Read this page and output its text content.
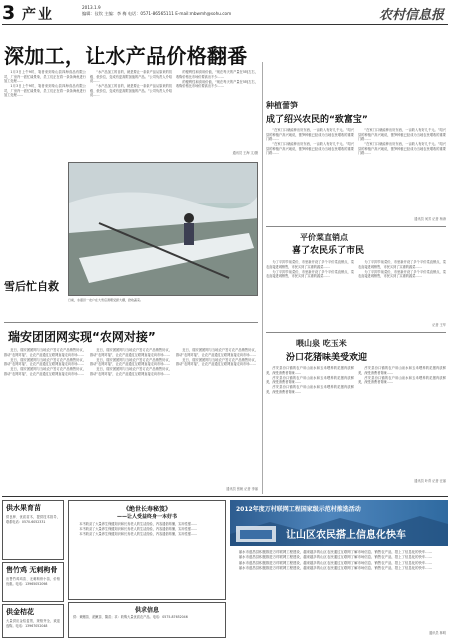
3 产业	2013.1.9
编辑：仪钦 主编：李 梅 电话：0571-86565111 E-mail:mbwmh@sohu.com	农村信息报
深加工，让水产品价格翻番

1月3日上午9时，笔者来到象山县四海食品有限公司，厂房内一派忙碌景象，员工们正在将一条条海鱼进行加工处理……

1月3日上午9时，笔者来到象山县四海食品有限公司，厂房内一派忙碌景象，员工们正在将一条条海鱼进行加工处理……

“水产品加工的目的，就是要让一条条产品从原来的初级、低价位，变成有更高附加值的产品。”公司负责人介绍说……

“水产品加工的目的，就是要让一条条产品从原来的初级、低价位，变成有更高附加值的产品。”公司负责人介绍说……

的便利性和食用价值，“现在每天的产量在5吨左右，收购价格比市场价要高出不少……

的便利性和食用价值，“现在每天的产量在5吨左右，收购价格比市场价要高出不少……

通讯员 王海 文/摄
雪后忙自救
日前，永嘉县一农户在大雪后清理受损大棚，抢收蔬菜。
瑞安团团网实现“农网对接”

近日，瑞安团团网与当地农户签订农产品销售协议，推动“农网对接”，让农产品通过互联网直接走向市场……

近日，瑞安团团网与当地农户签订农产品销售协议，推动“农网对接”，让农产品通过互联网直接走向市场……

近日，瑞安团团网与当地农户签订农产品销售协议，推动“农网对接”，让农产品通过互联网直接走向市场……

近日，瑞安团团网与当地农户签订农产品销售协议，推动“农网对接”，让农产品通过互联网直接走向市场……

近日，瑞安团团网与当地农户签订农产品销售协议，推动“农网对接”，让农产品通过互联网直接走向市场……

近日，瑞安团团网与当地农户签订农产品销售协议，推动“农网对接”，让农产品通过互联网直接走向市场……

近日，瑞安团团网与当地农户签订农产品销售协议，推动“农网对接”，让农产品通过互联网直接走向市场……

近日，瑞安团团网与当地农户签订农产品销售协议，推动“农网对接”，让农产品通过互联网直接走向市场……

通讯员 张帆 记者 李丽
种植蕾笋
成了绍兴农民的“致富宝”

“在家门口就能种出好东西，一亩收入有好几千元。”绍兴县的种植户高兴地说，蕾笋种植已经成为当地农民增收的重要门路……

“在家门口就能种出好东西，一亩收入有好几千元。”绍兴县的种植户高兴地说，蕾笋种植已经成为当地农民增收的重要门路……

“在家门口就能种出好东西，一亩收入有好几千元。”绍兴县的种植户高兴地说，蕾笋种植已经成为当地农民增收的重要门路……

“在家门口就能种出好东西，一亩收入有好几千元。”绍兴县的种植户高兴地说，蕾笋种植已经成为当地农民增收的重要门路……

通讯员 何芳 记者 杨涛
平价菜直销点
喜了农民乐了市民

为了平抑节前菜价，市里新开设了多个平价菜直销点，菜农直接进城销售，市民买到了实惠的蔬菜……

为了平抑节前菜价，市里新开设了多个平价菜直销点，菜农直接进城销售，市民买到了实惠的蔬菜……

为了平抑节前菜价，市里新开设了多个平价菜直销点，菜农直接进城销售，市民买到了实惠的蔬菜……

为了平抑节前菜价，市里新开设了多个平价菜直销点，菜农直接进城销售，市民买到了实惠的蔬菜……

记者 王华
喂山泉 吃玉米
汾口花猪味美受欢迎

淳安县汾口镇的农户用山泉水和玉米喂养的花猪肉质鲜美，深受消费者青睐……

淳安县汾口镇的农户用山泉水和玉米喂养的花猪肉质鲜美，深受消费者青睐……

淳安县汾口镇的农户用山泉水和玉米喂养的花猪肉质鲜美，深受消费者青睐……

淳安县汾口镇的农户用山泉水和玉米喂养的花猪肉质鲜美，深受消费者青睐……

淳安县汾口镇的农户用山泉水和玉米喂养的花猪肉质鲜美，深受消费者青睐……

通讯员 叶青 记者 汪丽
供水果育苗
供良种、优质苗木，提供技术指导，联系电话：0570-6052331
售竹鸡 无刺枸骨
出售竹鸡鸡苗、无刺枸骨小苗，价格优惠。电话：13965052098
供金桔花
大量供应金桔盆景，规格齐全，欢迎选购。电话：13967052048
《绝世长寿秘笈》
——让人受益终身一本好书

本书收录了大量养生保健知识和长寿老人的生活经验，内容通俗易懂，实用性强……

本书收录了大量养生保健知识和长寿老人的生活经验，内容通俗易懂，实用性强……

本书收录了大量养生保健知识和长寿老人的生活经验，内容通俗易懂，实用性强……

供求信息
供：黄鳝苗、泥鳅苗、鳖苗；求：收购大量优质农产品。电话：0575-87652046
2012年度万村联网工程国家级示范村推选活动
让山区农民搭上信息化快车

丽水市遂昌县积极推进万村联网工程建设，越来越多的山区农民通过互联网了解市场信息、销售农产品，搭上了信息化的快车……

丽水市遂昌县积极推进万村联网工程建设，越来越多的山区农民通过互联网了解市场信息、销售农产品，搭上了信息化的快车……

丽水市遂昌县积极推进万村联网工程建设，越来越多的山区农民通过互联网了解市场信息、销售农产品，搭上了信息化的快车……

丽水市遂昌县积极推进万村联网工程建设，越来越多的山区农民通过互联网了解市场信息、销售农产品，搭上了信息化的快车……

通讯员 林明
